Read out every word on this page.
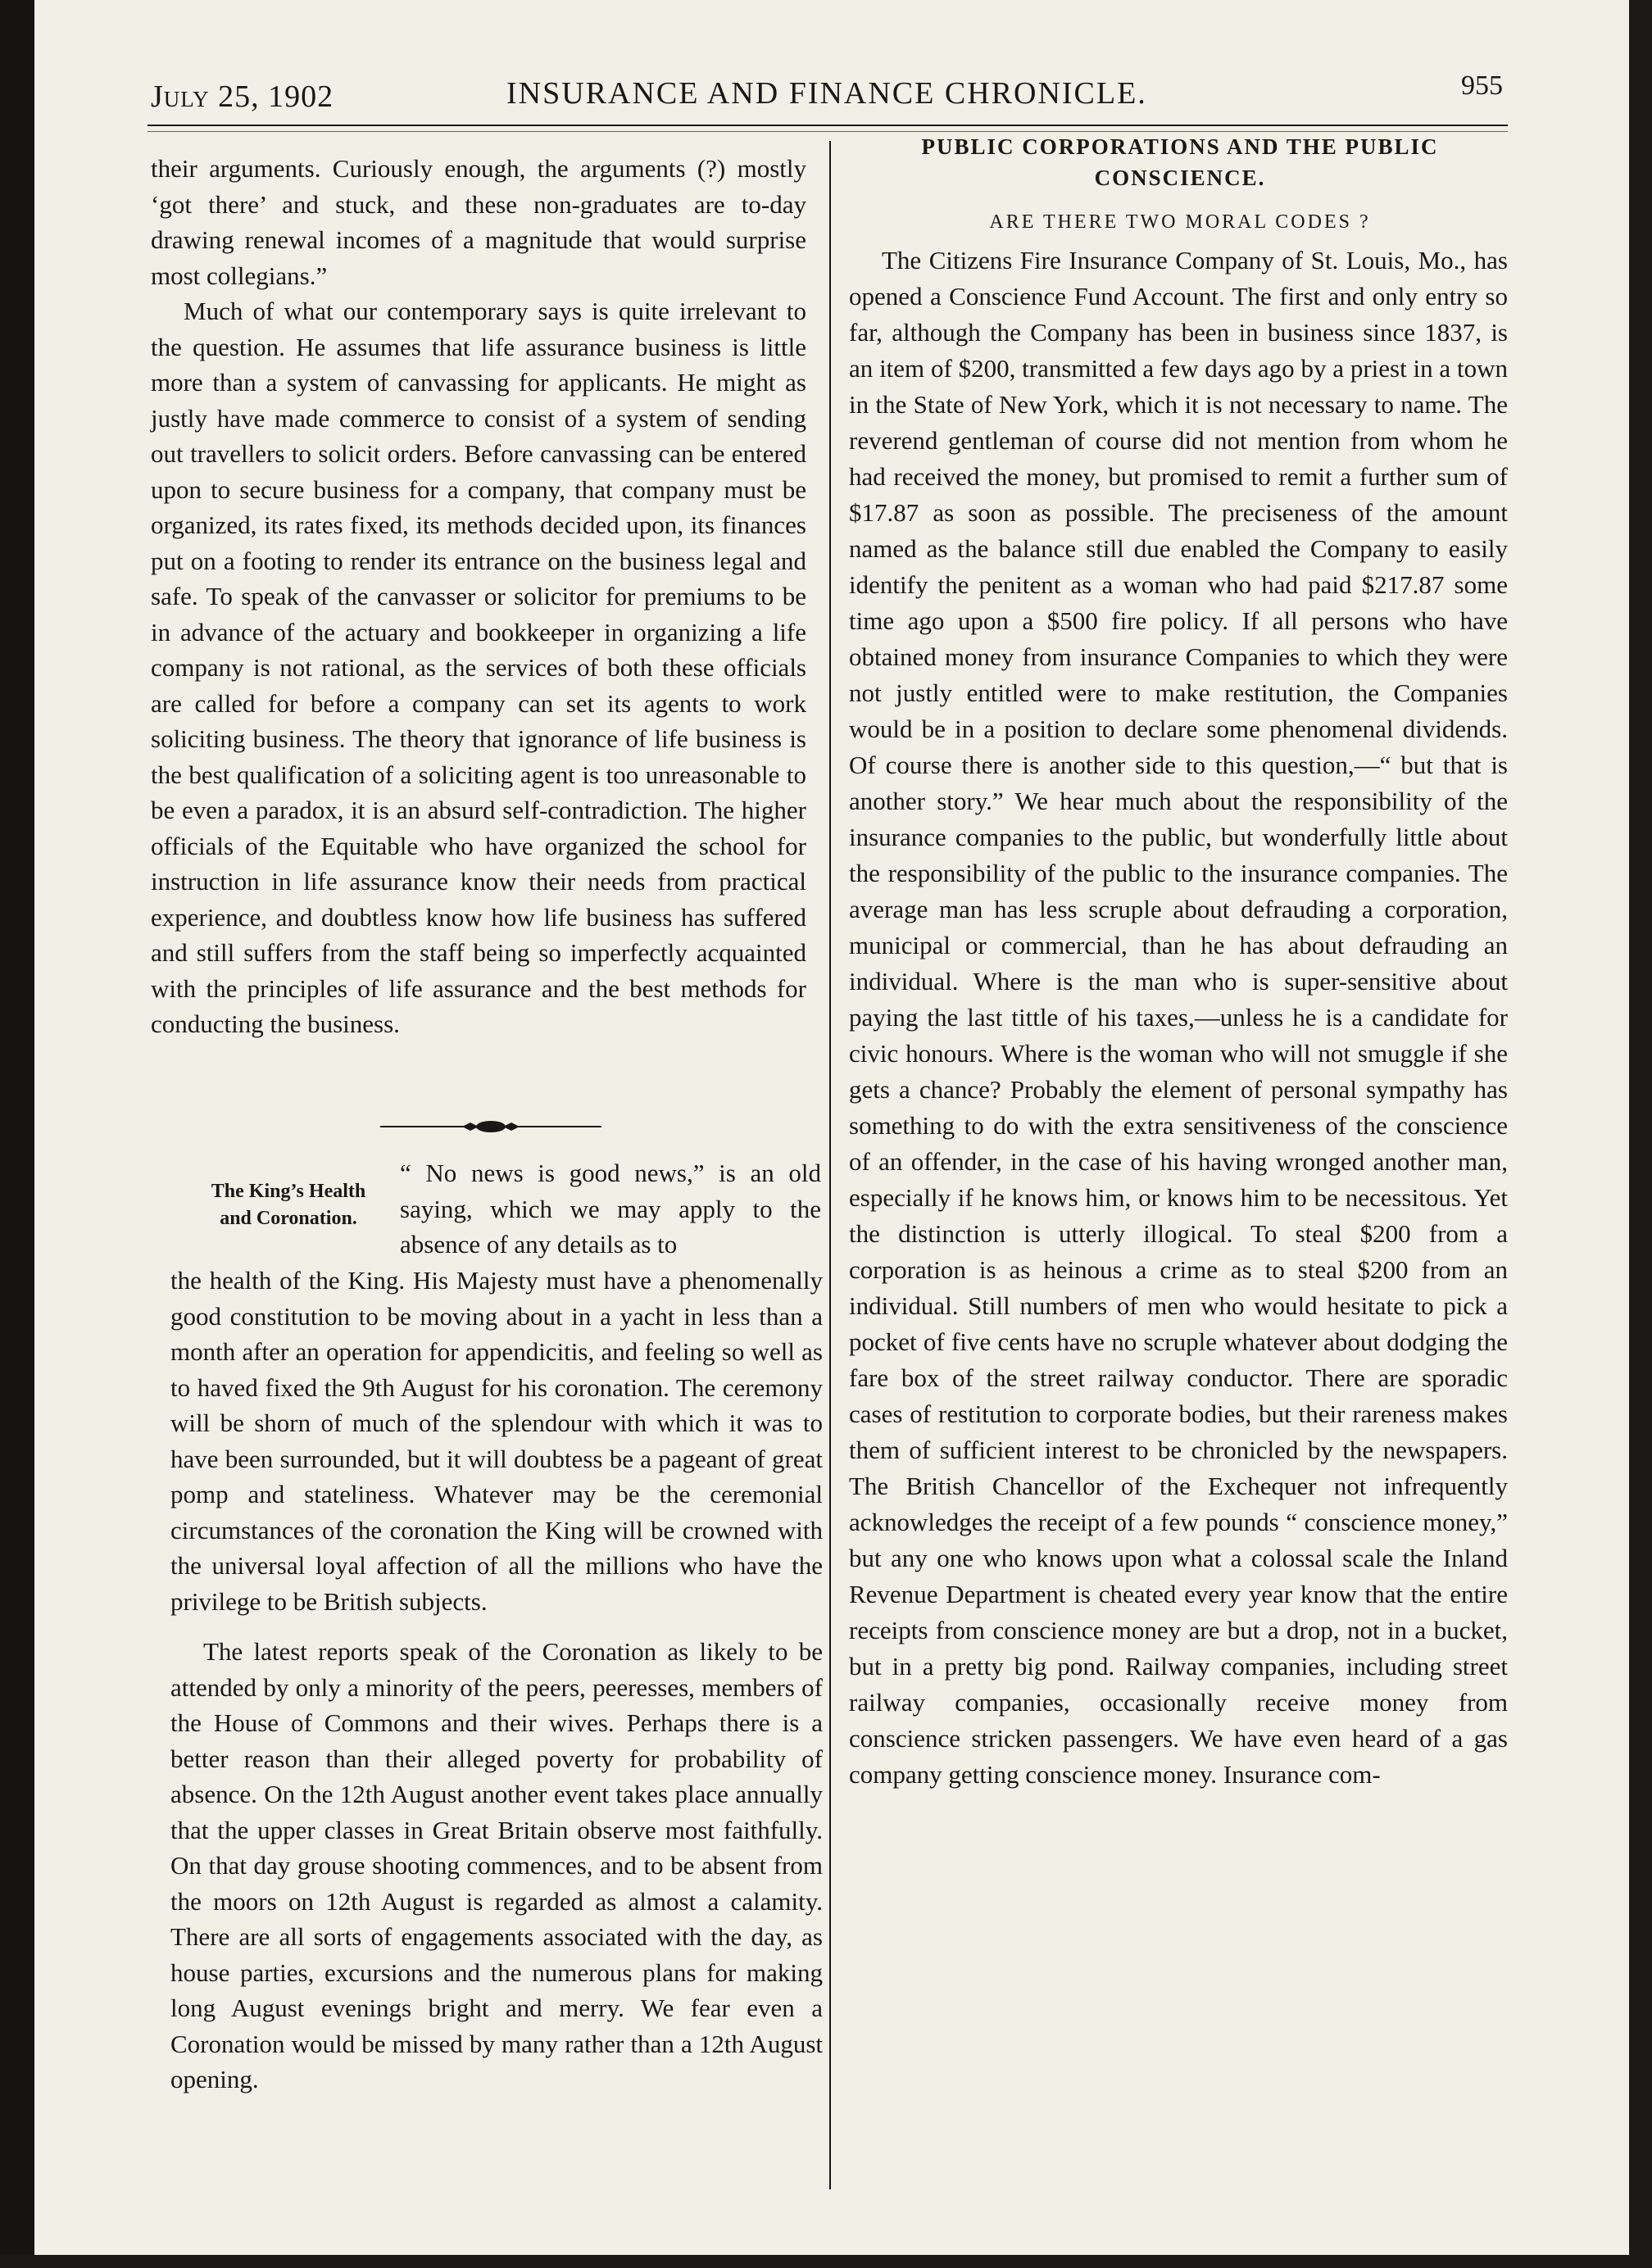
July 25, 1902	INSURANCE AND FINANCE CHRONICLE.	955

their arguments. Curiously enough, the arguments (?) mostly ‘got there’ and stuck, and these non-graduates are to-day drawing renewal incomes of a magnitude that would surprise most collegians.”

Much of what our contemporary says is quite irrelevant to the question. He assumes that life assurance business is little more than a system of canvassing for applicants. He might as justly have made commerce to consist of a system of sending out travellers to solicit orders. Before canvassing can be entered upon to secure business for a company, that company must be organized, its rates fixed, its methods decided upon, its finances put on a footing to render its entrance on the business legal and safe. To speak of the canvasser or solicitor for premiums to be in advance of the actuary and bookkeeper in organizing a life company is not rational, as the services of both these officials are called for before a company can set its agents to work soliciting business. The theory that ignorance of life business is the best qualification of a soliciting agent is too unreasonable to be even a paradox, it is an absurd self-contradiction. The higher officials of the Equitable who have organized the school for instruction in life assurance know their needs from practical experience, and doubtless know how life business has suffered and still suffers from the staff being so imperfectly acquainted with the principles of life assurance and the best methods for conducting the business.

The King’s Health and Coronation.
“ No news is good news,” is an old saying, which we may apply to the absence of any details as to

the health of the King. His Majesty must have a phenomenally good constitution to be moving about in a yacht in less than a month after an operation for appendicitis, and feeling so well as to haved fixed the 9th August for his coronation. The ceremony will be shorn of much of the splendour with which it was to have been surrounded, but it will doubtess be a pageant of great pomp and stateliness. Whatever may be the ceremonial circumstances of the coronation the King will be crowned with the universal loyal affection of all the millions who have the privilege to be British subjects.

The latest reports speak of the Coronation as likely to be attended by only a minority of the peers, peeresses, members of the House of Commons and their wives. Perhaps there is a better reason than their alleged poverty for probability of absence. On the 12th August another event takes place annually that the upper classes in Great Britain observe most faithfully. On that day grouse shooting commences, and to be absent from the moors on 12th August is regarded as almost a calamity. There are all sorts of engagements associated with the day, as house parties, excursions and the numerous plans for making long August evenings bright and merry. We fear even a Coronation would be missed by many rather than a 12th August opening.

PUBLIC CORPORATIONS AND THE PUBLIC CONSCIENCE.
ARE THERE TWO MORAL CODES ?

The Citizens Fire Insurance Company of St. Louis, Mo., has opened a Conscience Fund Account. The first and only entry so far, although the Company has been in business since 1837, is an item of $200, transmitted a few days ago by a priest in a town in the State of New York, which it is not necessary to name. The reverend gentleman of course did not mention from whom he had received the money, but promised to remit a further sum of $17.87 as soon as possible. The preciseness of the amount named as the balance still due enabled the Company to easily identify the penitent as a woman who had paid $217.87 some time ago upon a $500 fire policy. If all persons who have obtained money from insurance Companies to which they were not justly entitled were to make restitution, the Companies would be in a position to declare some phenomenal dividends. Of course there is another side to this question,—“ but that is another story.” We hear much about the responsibility of the insurance companies to the public, but wonderfully little about the responsibility of the public to the insurance companies. The average man has less scruple about defrauding a corporation, municipal or commercial, than he has about defrauding an individual. Where is the man who is super-sensitive about paying the last tittle of his taxes,—unless he is a candidate for civic honours. Where is the woman who will not smuggle if she gets a chance? Probably the element of personal sympathy has something to do with the extra sensitiveness of the conscience of an offender, in the case of his having wronged another man, especially if he knows him, or knows him to be necessitous. Yet the distinction is utterly illogical. To steal $200 from a corporation is as heinous a crime as to steal $200 from an individual. Still numbers of men who would hesitate to pick a pocket of five cents have no scruple whatever about dodging the fare box of the street railway conductor. There are sporadic cases of restitution to corporate bodies, but their rareness makes them of sufficient interest to be chronicled by the newspapers. The British Chancellor of the Exchequer not infrequently acknowledges the receipt of a few pounds “ conscience money,” but any one who knows upon what a colossal scale the Inland Revenue Department is cheated every year know that the entire receipts from conscience money are but a drop, not in a bucket, but in a pretty big pond. Railway companies, including street railway companies, occasionally receive money from conscience stricken passengers. We have even heard of a gas company getting conscience money. Insurance com-
